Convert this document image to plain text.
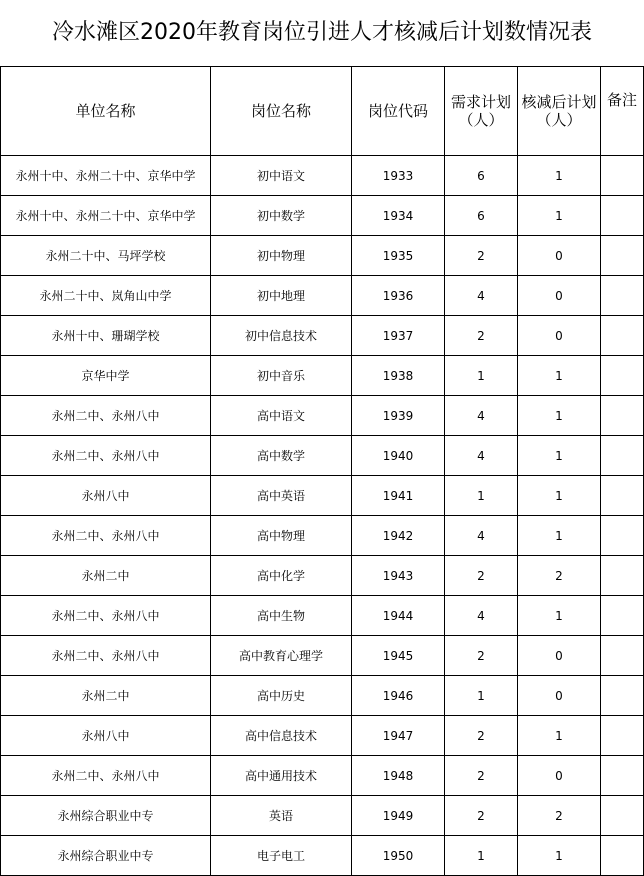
冷水滩区2020年教育岗位引进人才核减后计划数情况表
单位名称	岗位名称	岗位代码	需求计划（人）	核减后计划（人）	备注
永州十中、永州二十中、京华中学	初中语文	1933	6	1	
永州十中、永州二十中、京华中学	初中数学	1934	6	1	
永州二十中、马坪学校	初中物理	1935	2	0	
永州二十中、岚角山中学	初中地理	1936	4	0	
永州十中、珊瑚学校	初中信息技术	1937	2	0	
京华中学	初中音乐	1938	1	1	
永州二中、永州八中	高中语文	1939	4	1	
永州二中、永州八中	高中数学	1940	4	1	
永州八中	高中英语	1941	1	1	
永州二中、永州八中	高中物理	1942	4	1	
永州二中	高中化学	1943	2	2	
永州二中、永州八中	高中生物	1944	4	1	
永州二中、永州八中	高中教育心理学	1945	2	0	
永州二中	高中历史	1946	1	0	
永州八中	高中信息技术	1947	2	1	
永州二中、永州八中	高中通用技术	1948	2	0	
永州综合职业中专	英语	1949	2	2	
永州综合职业中专	电子电工	1950	1	1	
